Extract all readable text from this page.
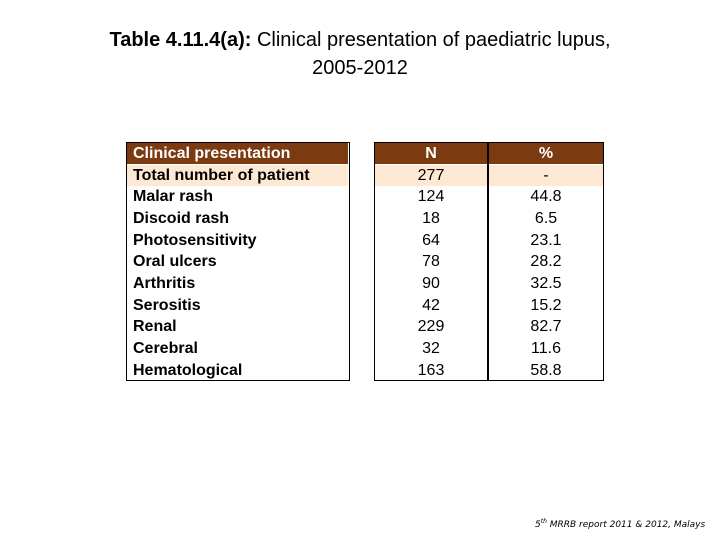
Table 4.11.4(a): Clinical presentation of paediatric lupus,
2005-2012
Clinical presentation	N	%
Total number of patient	277	-
Malar rash	124	44.8
Discoid rash	18	6.5
Photosensitivity	64	23.1
Oral ulcers	78	28.2
Arthritis	90	32.5
Serositis	42	15.2
Renal	229	82.7
Cerebral	32	11.6
Hematological	163	58.8
5th MRRB report 2011 & 2012, Malays
